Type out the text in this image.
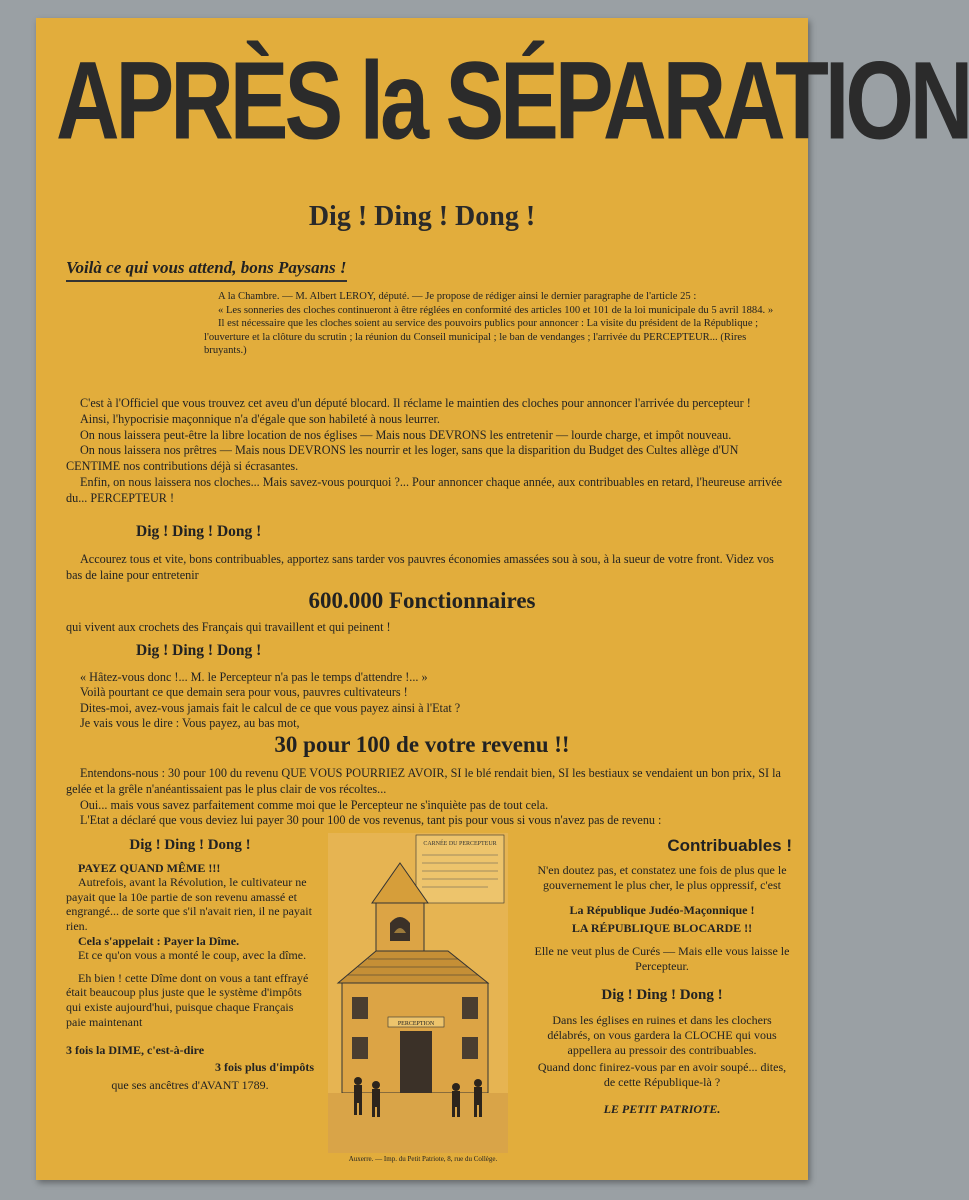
APRÈS la SÉPARATION
Dig ! Ding ! Dong !
Voilà ce qui vous attend, bons Paysans !

A la Chambre. — M. Albert LEROY, député. — Je propose de rédiger ainsi le dernier paragraphe de l'article 25 :

« Les sonneries des cloches continueront à être réglées en conformité des articles 100 et 101 de la loi municipale du 5 avril 1884. »

Il est nécessaire que les cloches soient au service des pouvoirs publics pour annoncer : La visite du président de la République ; l'ouverture et la clôture du scrutin ; la réunion du Conseil municipal ; le ban de vendanges ; l'arrivée du PERCEPTEUR... (Rires bruyants.)

C'est à l'Officiel que vous trouvez cet aveu d'un député blocard. Il réclame le maintien des cloches pour annoncer l'arrivée du percepteur !

Ainsi, l'hypocrisie maçonnique n'a d'égale que son habileté à nous leurrer.

On nous laissera peut-être la libre location de nos églises — Mais nous DEVRONS les entretenir — lourde charge, et impôt nouveau.

On nous laissera nos prêtres — Mais nous DEVRONS les nourrir et les loger, sans que la disparition du Budget des Cultes allège d'UN CENTIME nos contributions déjà si écrasantes.

Enfin, on nous laissera nos cloches... Mais savez-vous pourquoi ?... Pour annoncer chaque année, aux contribuables en retard, l'heureuse arrivée du... PERCEPTEUR !

Dig ! Ding ! Dong !

Accourez tous et vite, bons contribuables, apportez sans tarder vos pauvres économies amassées sou à sou, à la sueur de votre front. Videz vos bas de laine pour entretenir

600.000 Fonctionnaires

qui vivent aux crochets des Français qui travaillent et qui peinent !

Dig ! Ding ! Dong !

« Hâtez-vous donc !... M. le Percepteur n'a pas le temps d'attendre !... »

Voilà pourtant ce que demain sera pour vous, pauvres cultivateurs !

Dites-moi, avez-vous jamais fait le calcul de ce que vous payez ainsi à l'Etat ?

Je vais vous le dire : Vous payez, au bas mot,

30 pour 100 de votre revenu !!

Entendons-nous : 30 pour 100 du revenu QUE VOUS POURRIEZ AVOIR, SI le blé rendait bien, SI les bestiaux se vendaient un bon prix, SI la gelée et la grêle n'anéantissaient pas le plus clair de vos récoltes...

Oui... mais vous savez parfaitement comme moi que le Percepteur ne s'inquiète pas de tout cela.

L'Etat a déclaré que vous deviez lui payer 30 pour 100 de vos revenus, tant pis pour vous si vous n'avez pas de revenu :

Dig ! Ding ! Dong !

PAYEZ QUAND MÊME !!!

Autrefois, avant la Révolution, le cultivateur ne payait que la 10e partie de son revenu amassé et engrangé... de sorte que s'il n'avait rien, il ne payait rien.

Cela s'appelait : Payer la Dîme.

Et ce qu'on vous a monté le coup, avec la dîme.

Eh bien ! cette Dîme dont on vous a tant effrayé était beaucoup plus juste que le système d'impôts qui existe aujourd'hui, puisque chaque Français paie maintenant

3 fois la DIME, c'est-à-dire
3 fois plus d'impôts
que ses ancêtres d'AVANT 1789.
CARNÉE DU PERCEPTEUR
PERCEPTION
Auxerre. — Imp. du Petit Patriote, 8, rue du Collège.
Contribuables !

N'en doutez pas, et constatez une fois de plus que le gouvernement le plus cher, le plus oppressif, c'est

La République Judéo-Maçonnique !

LA RÉPUBLIQUE BLOCARDE !!

Elle ne veut plus de Curés — Mais elle vous laisse le Percepteur.

Dig ! Ding ! Dong !

Dans les églises en ruines et dans les clochers délabrés, on vous gardera la CLOCHE qui vous appellera au pressoir des contribuables.

Quand donc finirez-vous par en avoir soupé... dites, de cette République-là ?

LE PETIT PATRIOTE.
